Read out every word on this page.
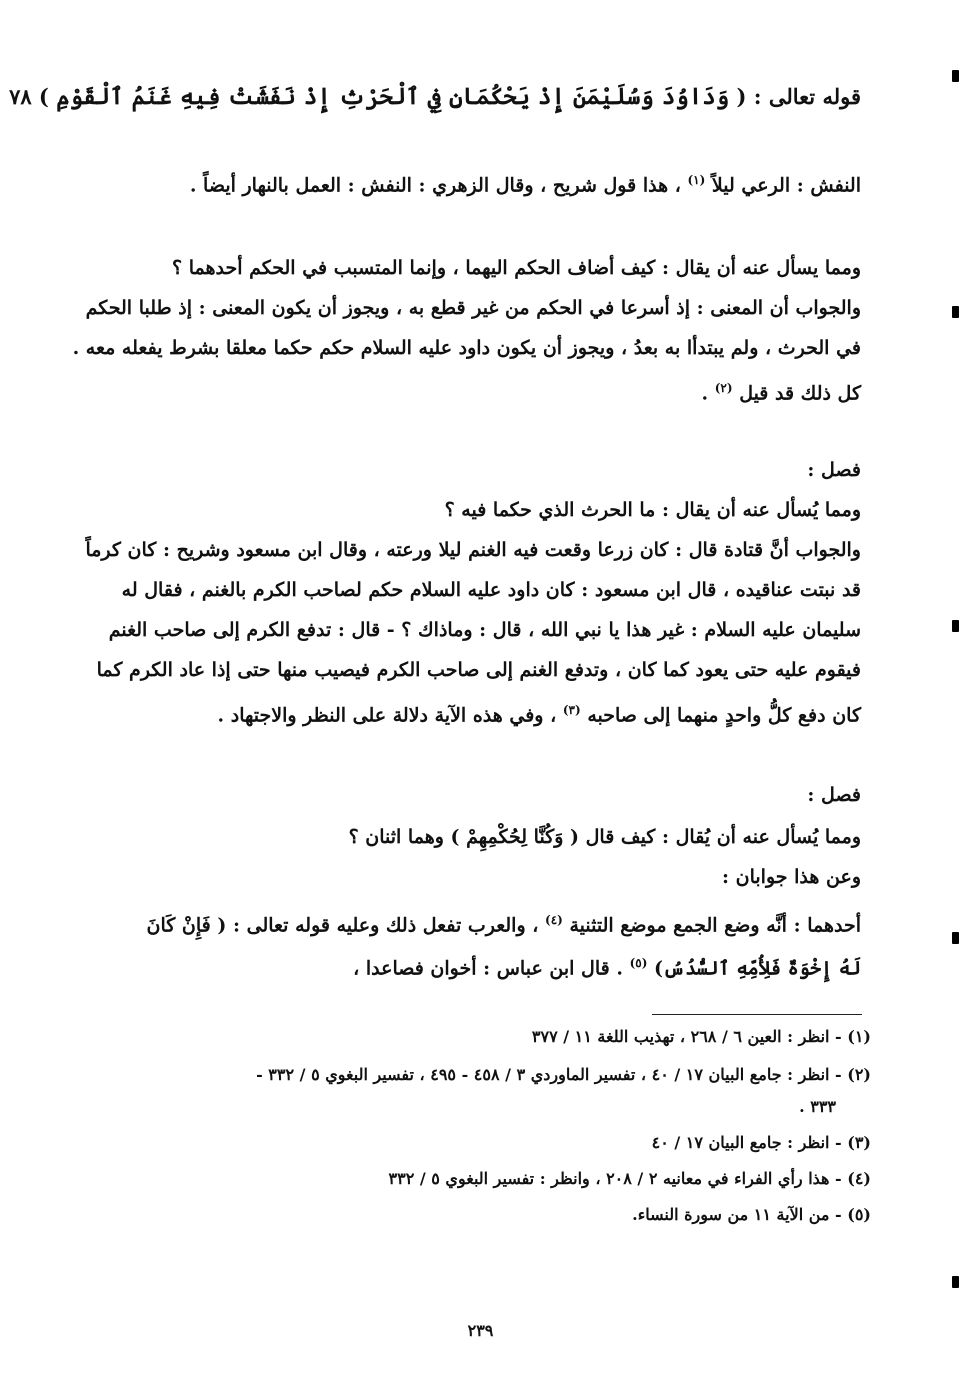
قوله تعالى : ( وَدَاوُدَ وَسُلَيْمَنَ إِذْ يَحْكُمَانِ فِي ٱلْحَرْثِ إِذْ نَفَشَتْ فِيهِ غَنَمُ ٱلْقَوْمِ ) ٧٨
النفش : الرعي ليلاً $^{(١)}$ ، هذا قول شريح ، وقال الزهري : النفش : العمل بالنهار أيضاً .
ومما يسأل عنه أن يقال : كيف أضاف الحكم اليهما ، وإنما المتسبب في الحكم أحدهما ؟
والجواب أن المعنى : إذ أسرعا في الحكم من غير قطع به ، ويجوز أن يكون المعنى : إذ طلبا الحكم
في الحرث ، ولم يبتدأا به بعدُ ، ويجوز أن يكون داود عليه السلام حكم حكما معلقا بشرط يفعله معه .
كل ذلك قد قيل $^{(٢)}$ .
فصل :
ومما يُسأل عنه أن يقال : ما الحرث الذي حكما فيه ؟
والجواب أنَّ قتادة قال : كان زرعا وقعت فيه الغنم ليلا ورعته ، وقال ابن مسعود وشريح : كان كرماً
قد نبتت عناقيده ، قال ابن مسعود : كان داود عليه السلام حكم لصاحب الكرم بالغنم ، فقال له
سليمان عليه السلام : غير هذا يا نبي الله ، قال : وماذاك ؟ - قال : تدفع الكرم إلى صاحب الغنم
فيقوم عليه حتى يعود كما كان ، وتدفع الغنم إلى صاحب الكرم فيصيب منها حتى إذا عاد الكرم كما
كان دفع كلُّ واحدٍ منهما إلى صاحبه $^{(٣)}$ ، وفي هذه الآية دلالة على النظر والاجتهاد .
فصل :
ومما يُسأل عنه أن يُقال : كيف قال ( وَكُنَّا لِحُكْمِهِمْ ) وهما اثنان ؟
وعن هذا جوابان :
أحدهما : أنَّه وضع الجمع موضع التثنية $^{(٤)}$ ، والعرب تفعل ذلك وعليه قوله تعالى : ( فَإِنْ كَانَ
لَهُ إِخْوَةٌ فَلِأُمِّهِ ٱلسُّدُسُ) $^{(٥)}$ . قال ابن عباس : أخوان فصاعدا ،
(١) - انظر : العين ٦ / ٢٦٨ ، تهذيب اللغة ١١ / ٣٧٧
(٢) - انظر : جامع البيان ١٧ / ٤٠ ، تفسير الماوردي ٣ / ٤٥٨ - ٤٩٥ ، تفسير البغوي ٥ / ٣٣٢ -
٣٣٣ .
(٣) - انظر : جامع البيان ١٧ / ٤٠
(٤) - هذا رأي الفراء في معانيه ٢ / ٢٠٨ ، وانظر : تفسير البغوي ٥ / ٣٣٢
(٥) - من الآية ١١ من سورة النساء.
٢٣٩
